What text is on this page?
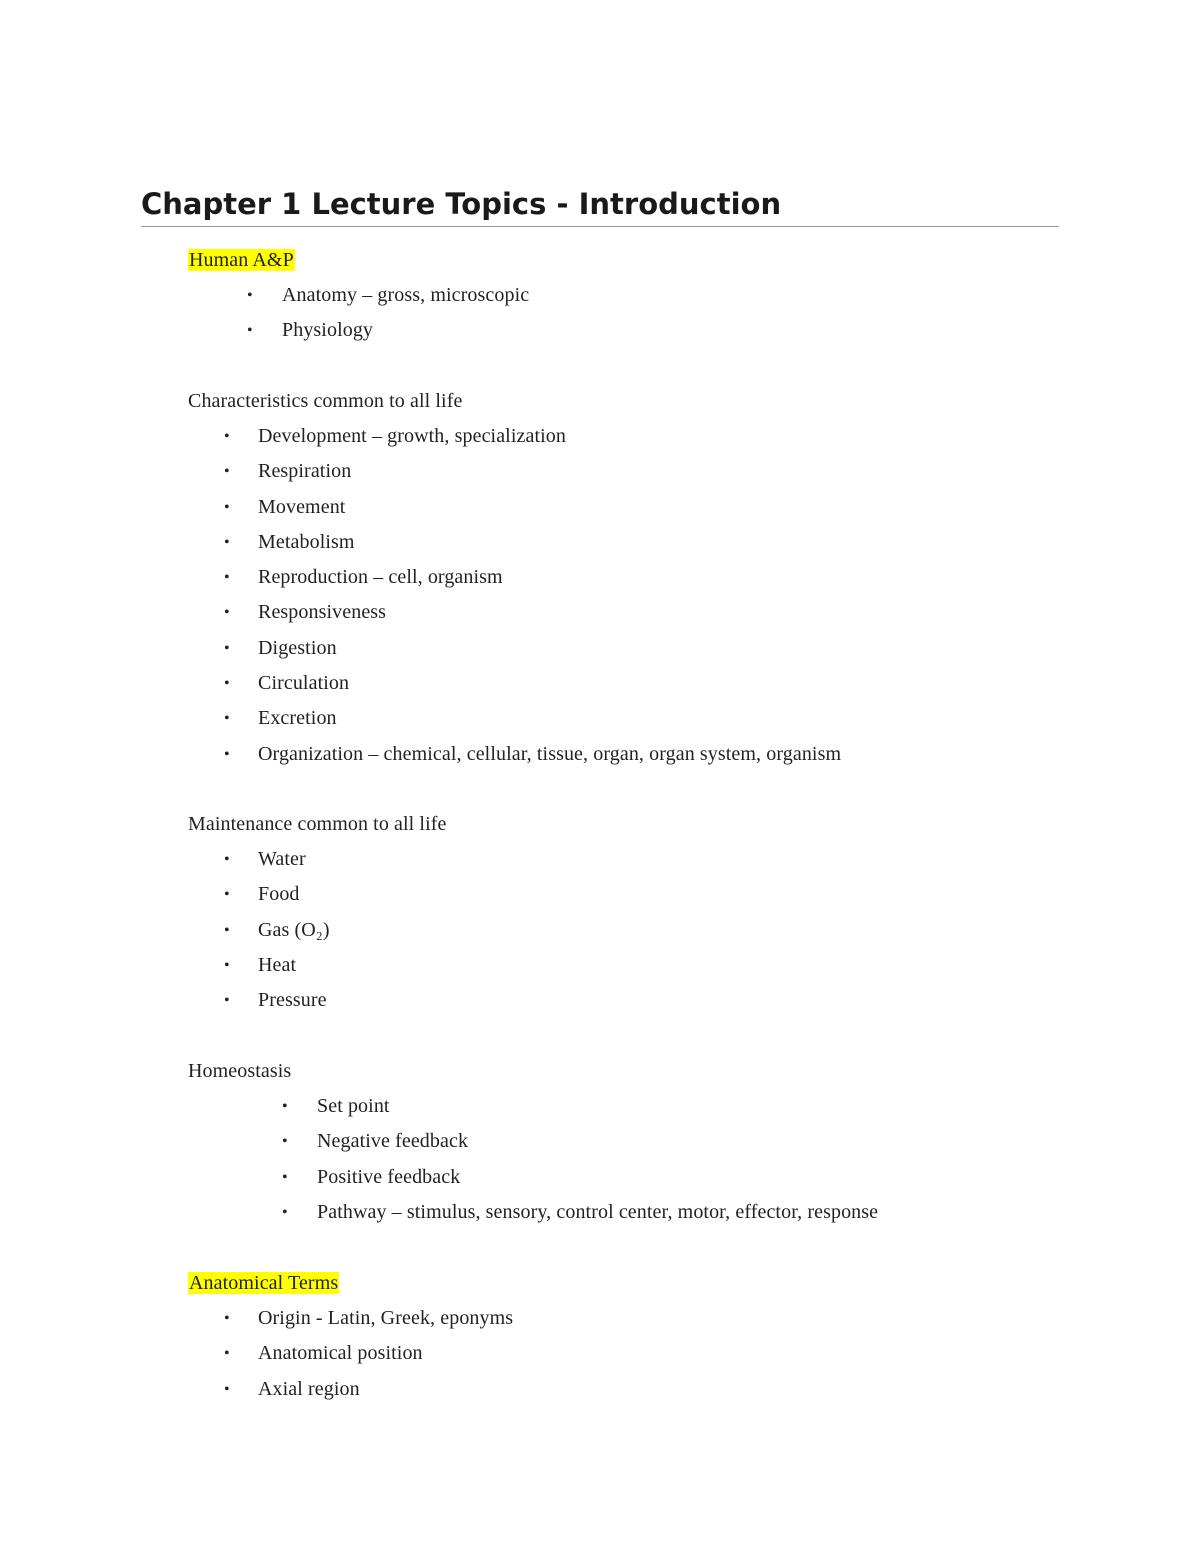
Chapter 1 Lecture Topics - Introduction
Human A&P
• Anatomy – gross, microscopic
• Physiology
Characteristics common to all life
• Development – growth, specialization
• Respiration
• Movement
• Metabolism
• Reproduction – cell, organism
• Responsiveness
• Digestion
• Circulation
• Excretion
• Organization – chemical, cellular, tissue, organ, organ system, organism
Maintenance common to all life
• Water
• Food
• Gas (O₂)
• Heat
• Pressure
Homeostasis
• Set point
• Negative feedback
• Positive feedback
• Pathway – stimulus, sensory, control center, motor, effector, response
Anatomical Terms
• Origin - Latin, Greek, eponyms
• Anatomical position
• Axial region
